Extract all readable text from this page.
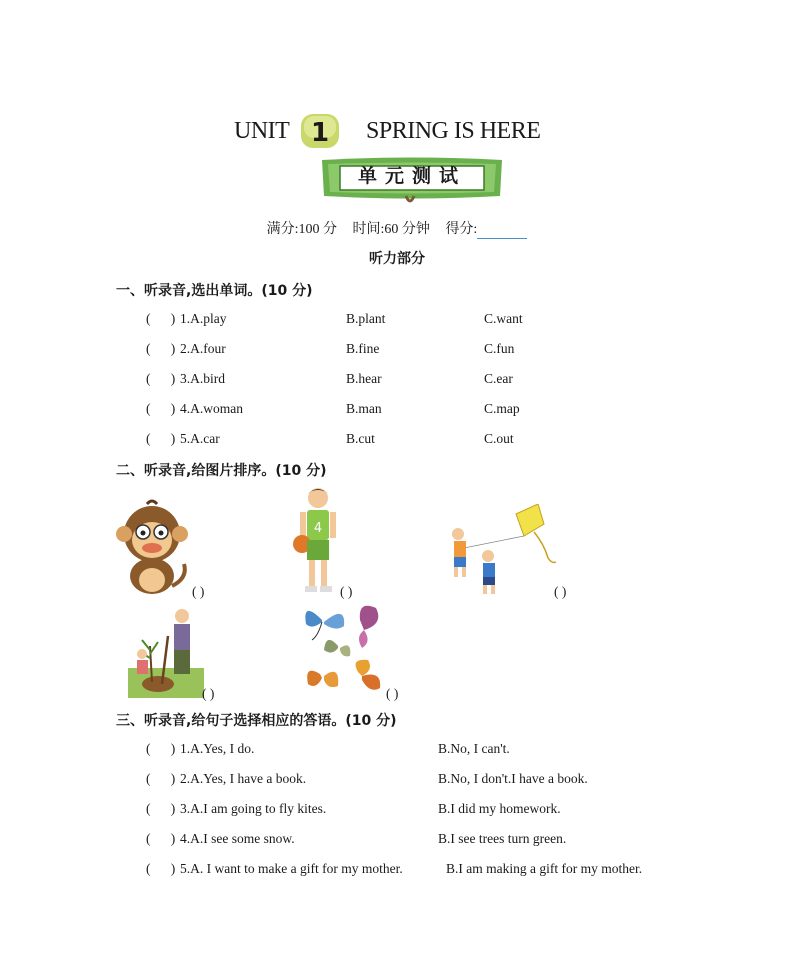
UNIT 1 SPRING IS HERE
单元测试
满分:100 分 时间:60 分钟 得分:
听力部分
一、听录音,选出单词。(10 分)
( ) 1.A.play	B.plant	C.want
( ) 2.A.four	B.fine	C.fun
( ) 3.A.bird	B.hear	C.ear
( ) 4.A.woman	B.man	C.map
( ) 5.A.car	B.cut	C.out
二、听录音,给图片排序。(10 分)
( )
4
( )	( )
( )	( )
三、听录音,给句子选择相应的答语。(10 分)
(      ) 1.A.Yes, I do.	B.No, I can't.
(      ) 2.A.Yes, I have a book.	B.No, I don't.I have a book.
(      ) 3.A.I am going to fly kites.	B.I did my homework.
(      ) 4.A.I see some snow.	B.I see trees turn green.
(      ) 5.A. I want to make a gift for my mother.	B.I am making a gift for my mother.
